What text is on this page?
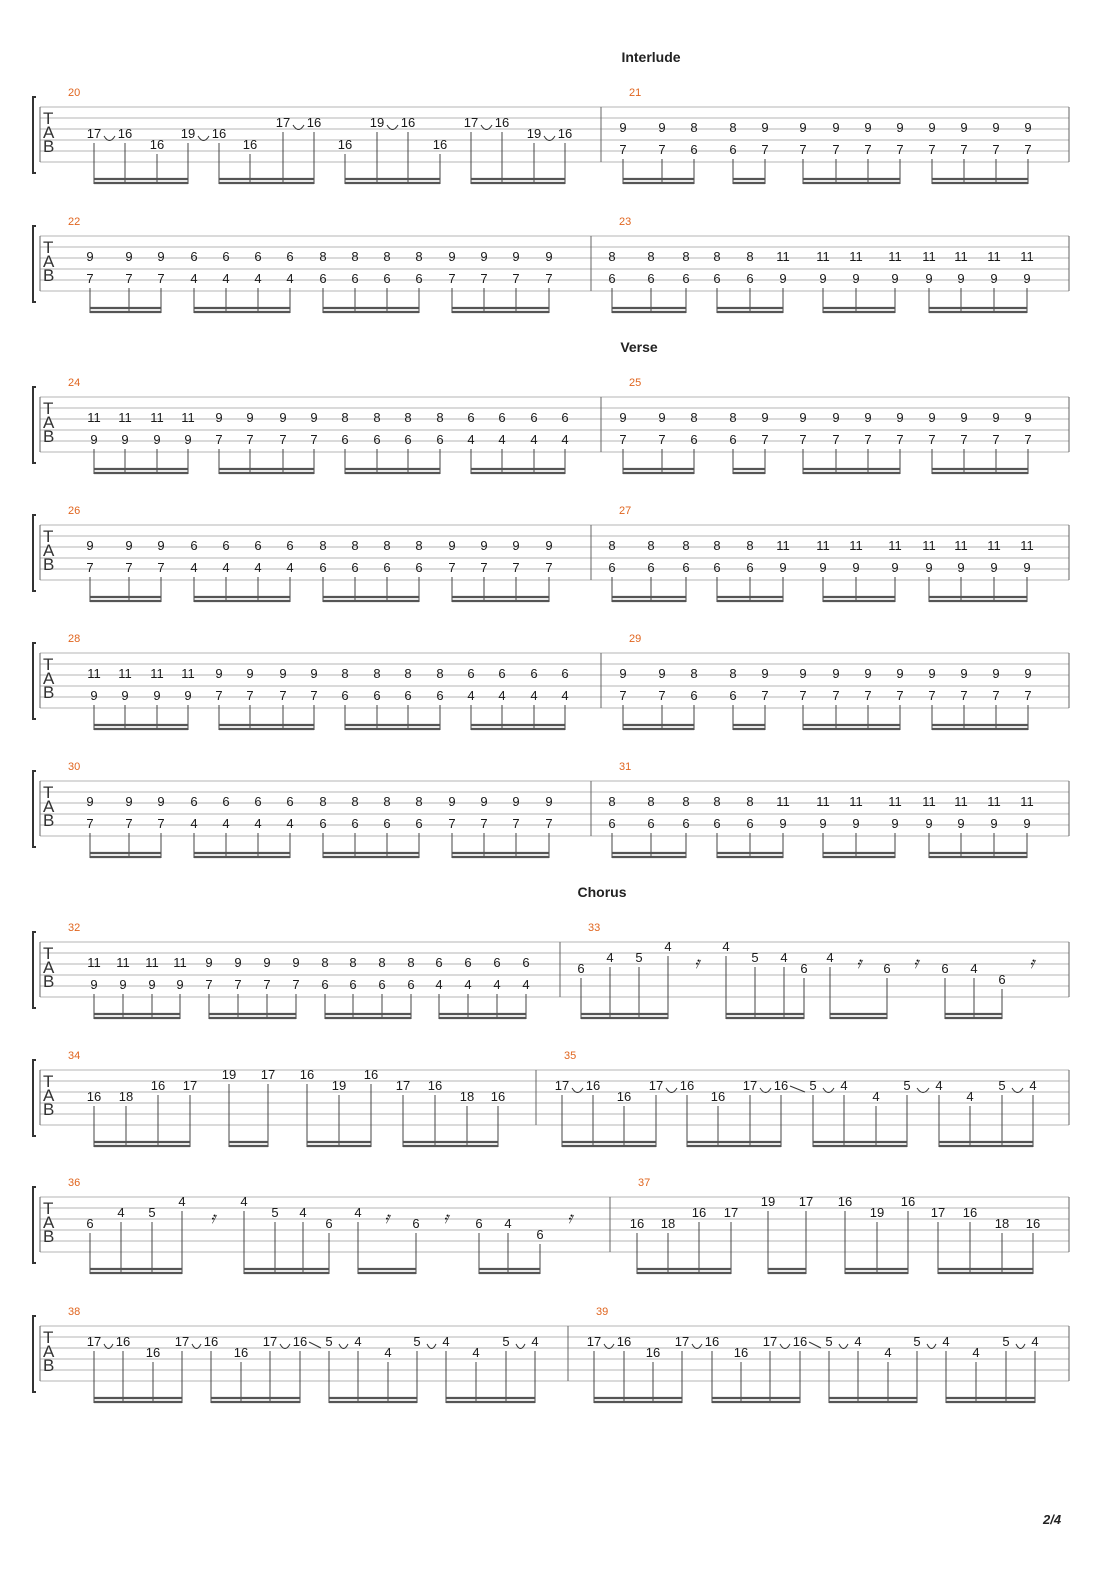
T
A
B
Interlude
20
17 16
16
19 16
16
17 16
16
19 16
16
17 16
19 16
21
9
7
9
7
8
6
8
6
9
7
9
7
9
7
9
7
9
7
9
7
9
7
9
7
9
7
T
A
B
22
9
7
9
7
9
7
6
4
6
4
6
4
6
4
8
6
8
6
8
6
8
6
9
7
9
7
9
7
9
7
23
8
6
8
6
8
6
8
6
8
6
11
9
11
9
11
9
11
9
11
9
11
9
11
9
11
9
T
A
B
Verse
24
11
9
11
9
11
9
11
9
9
7
9
7
9
7
9
7
8
6
8
6
8
6
8
6
6
4
6
4
6
4
6
4
25
9
7
9
7
8
6
8
6
9
7
9
7
9
7
9
7
9
7
9
7
9
7
9
7
9
7
T
A
B
26
9
7
9
7
9
7
6
4
6
4
6
4
6
4
8
6
8
6
8
6
8
6
9
7
9
7
9
7
9
7
27
8
6
8
6
8
6
8
6
8
6
11
9
11
9
11
9
11
9
11
9
11
9
11
9
11
9
T
A
B
28
11
9
11
9
11
9
11
9
9
7
9
7
9
7
9
7
8
6
8
6
8
6
8
6
6
4
6
4
6
4
6
4
29
9
7
9
7
8
6
8
6
9
7
9
7
9
7
9
7
9
7
9
7
9
7
9
7
9
7
T
A
B
30
9
7
9
7
9
7
6
4
6
4
6
4
6
4
8
6
8
6
8
6
8
6
9
7
9
7
9
7
9
7
31
8
6
8
6
8
6
8
6
8
6
11
9
11
9
11
9
11
9
11
9
11
9
11
9
11
9
T
A
B
Chorus
32
11
9
11
9
11
9
11
9
9
7
9
7
9
7
9
7
8
6
8
6
8
6
8
6
6
4
6
4
6
4
6
4
33
6
4 5
4
𝄿
4
5 4
6
4 𝄿 6 𝄿 6 4
6
𝄿
T
A
B
34
16 18
16 17
19 17 16
19
16
17 16
18 16
35
17 16
16
17 16
16
17 16 5 4
4
5 4
4
5 4
T
A
B
36
6
4 5
4
𝄿
4
5 4
6
4 𝄿 6 𝄿 6 4
6
𝄿
37
16 18
16 17
19 17 16
19
16
17 16
18 16
T
A
B
38
17 16
16
17 16
16
17 16 5 4
4
5 4
4
5 4
39
17 16
16
17 16
16
17 16 5 4
4
5 4
4
5 4
2/4
